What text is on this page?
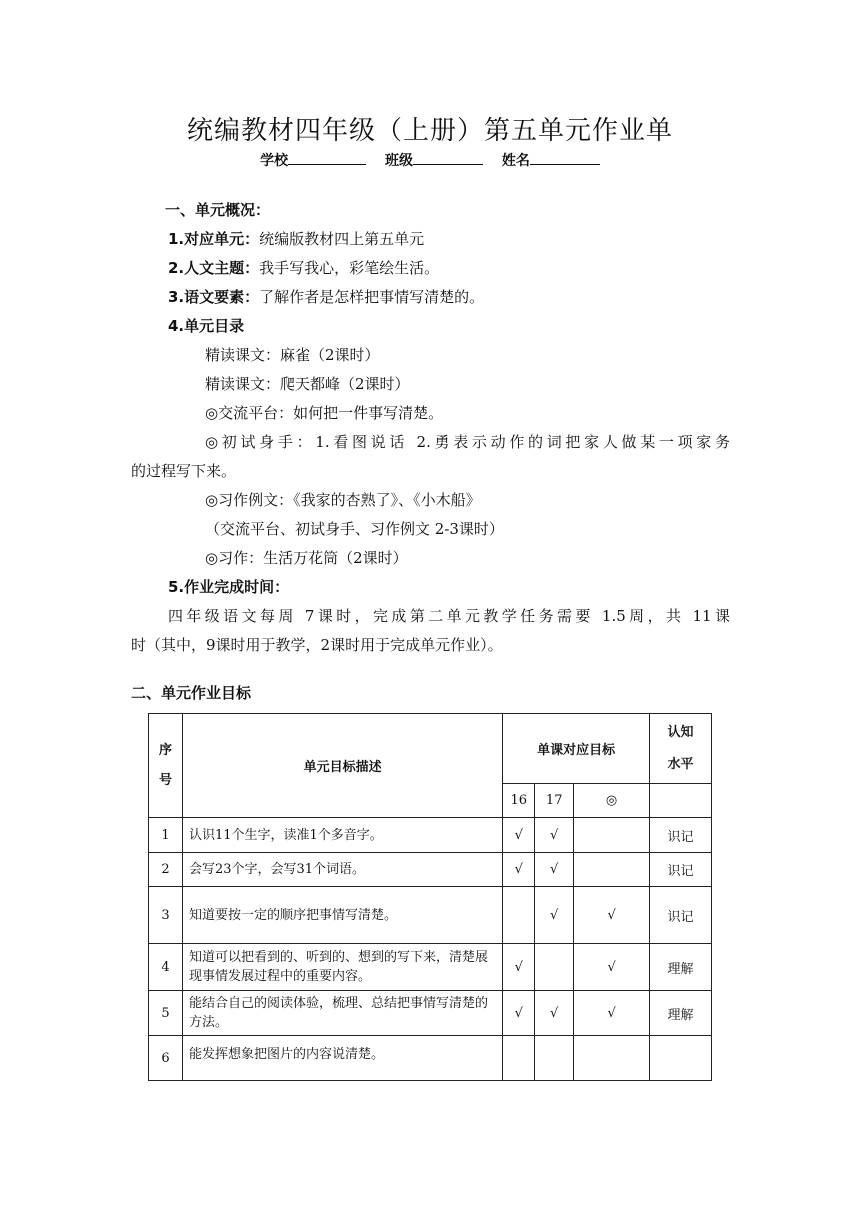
统编教材四年级（上册）第五单元作业单
学校	班级	姓名
一、单元概况：
1.对应单元：统编版教材四上第五单元
2.人文主题：我手写我心，彩笔绘生活。
3.语文要素：了解作者是怎样把事情写清楚的。
4.单元目录
精读课文：麻雀（2课时）
精读课文：爬天都峰（2课时）
◎交流平台：如何把一件事写清楚。
◎初试身手：1.看图说话 2.勇表示动作的词把家人做某一项家务
的过程写下来。
◎习作例文：《我家的杏熟了》、《小木船》
（交流平台、初试身手、习作例文 2-3课时）
◎习作：生活万花筒（2课时）
5.作业完成时间：
四年级语文每周 7课时，完成第二单元教学任务需要 1.5周，共 11课
时（其中，9课时用于教学，2课时用于完成单元作业）。
二、单元作业目标
序号	单元目标描述	单课对应目标			认知水平
		16	17	◎	
1	认识11个生字，读准1个多音字。	√	√		识记
2	会写23个字，会写31个词语。	√	√		识记
3	知道要按一定的顺序把事情写清楚。		√	√	识记
4	知道可以把看到的、听到的、想到的写下来，清楚展现事情发展过程中的重要内容。	√		√	理解
5	能结合自己的阅读体验，梳理、总结把事情写清楚的方法。	√	√	√	理解
6	能发挥想象把图片的内容说清楚。				
